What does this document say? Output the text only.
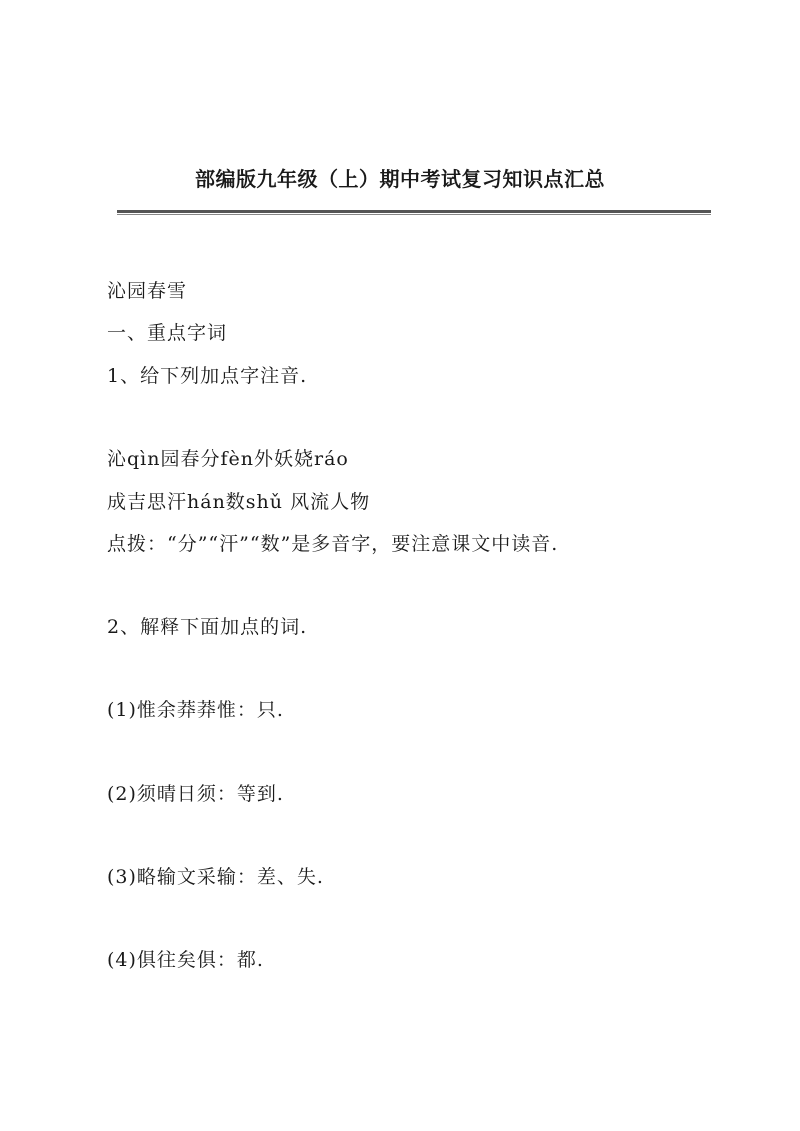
部编版九年级（上）期中考试复习知识点汇总
沁园春雪
一、重点字词
1、给下列加点字注音.
沁qìn园春分fèn外妖娆ráo
成吉思汗hán数shǔ 风流人物
点拨：“分”“汗”“数”是多音字，要注意课文中读音.
2、解释下面加点的词.
(1)惟余莽莽惟：只.
(2)须晴日须：等到.
(3)略输文采输：差、失.
(4)俱往矣俱：都.
